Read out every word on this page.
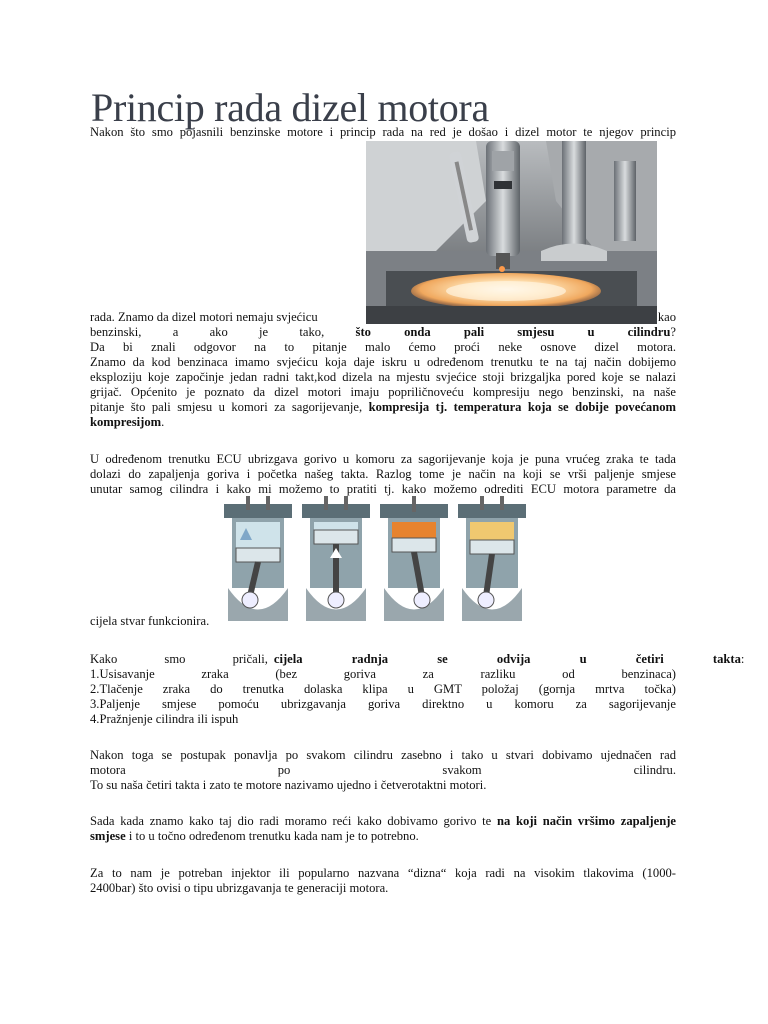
Princip rada dizel motora
Nakon što smo pojasnili benzinske motore i princip rada na red je došao i dizel motor te njegov princip
rada. Znamo da dizel motori nemaju svjećicu	kao
benzinski, a ako je tako, što onda pali smjesu u cilindru ?
Da bi znali odgovor na to pitanje malo ćemo proći neke osnove dizel motora.
Znamo da kod benzinaca imamo svjećicu koja daje iskru u određenom trenutku te na taj način dobijemo
eksploziju koje započinje jedan radni takt,kod dizela na mjestu svjećice stoji brizgaljka pored koje se nalazi
grijač. Općenito je poznato da dizel motori imaju popriličnoveću kompresiju nego benzinski, na naše
pitanje što pali smjesu u komori za sagorijevanje, kompresija tj. temperatura koja se dobije povećanom
kompresijom.
U određenom trenutku ECU ubrizgava gorivo u komoru za sagorijevanje koja je puna vrućeg zraka te tada
dolazi do zapaljenja goriva i početka našeg takta. Razlog tome je način na koji se vrši paljenje smjese
unutar samog cilindra i kako mi možemo to pratiti tj. kako možemo odrediti ECU motora parametre da
cijela stvar funkcionira.
Kako smo pričali, cijela radnja se odvija u četiri takta :
1.Usisavanje zraka (bez goriva za razliku od benzinaca)
2.Tlačenje zraka do trenutka dolaska klipa u GMT položaj (gornja mrtva točka)
3.Paljenje smjese pomoću ubrizgavanja goriva direktno u komoru za sagorijevanje
4.Pražnjenje cilindra ili ispuh
Nakon toga se postupak ponavlja po svakom cilindru zasebno i tako u stvari dobivamo ujednačen rad
motora po svakom cilindru.
To su naša četiri takta i zato te motore nazivamo ujedno i četverotaktni motori.
Sada kada znamo kako taj dio radi moramo reći kako dobivamo gorivo te na koji način vršimo zapaljenje
smjese i to u točno određenom trenutku kada nam je to potrebno.
Za to nam je potreban injektor ili popularno nazvana “dizna“ koja radi na visokim tlakovima (1000-
2400bar) što ovisi o tipu ubrizgavanja te generaciji motora.
